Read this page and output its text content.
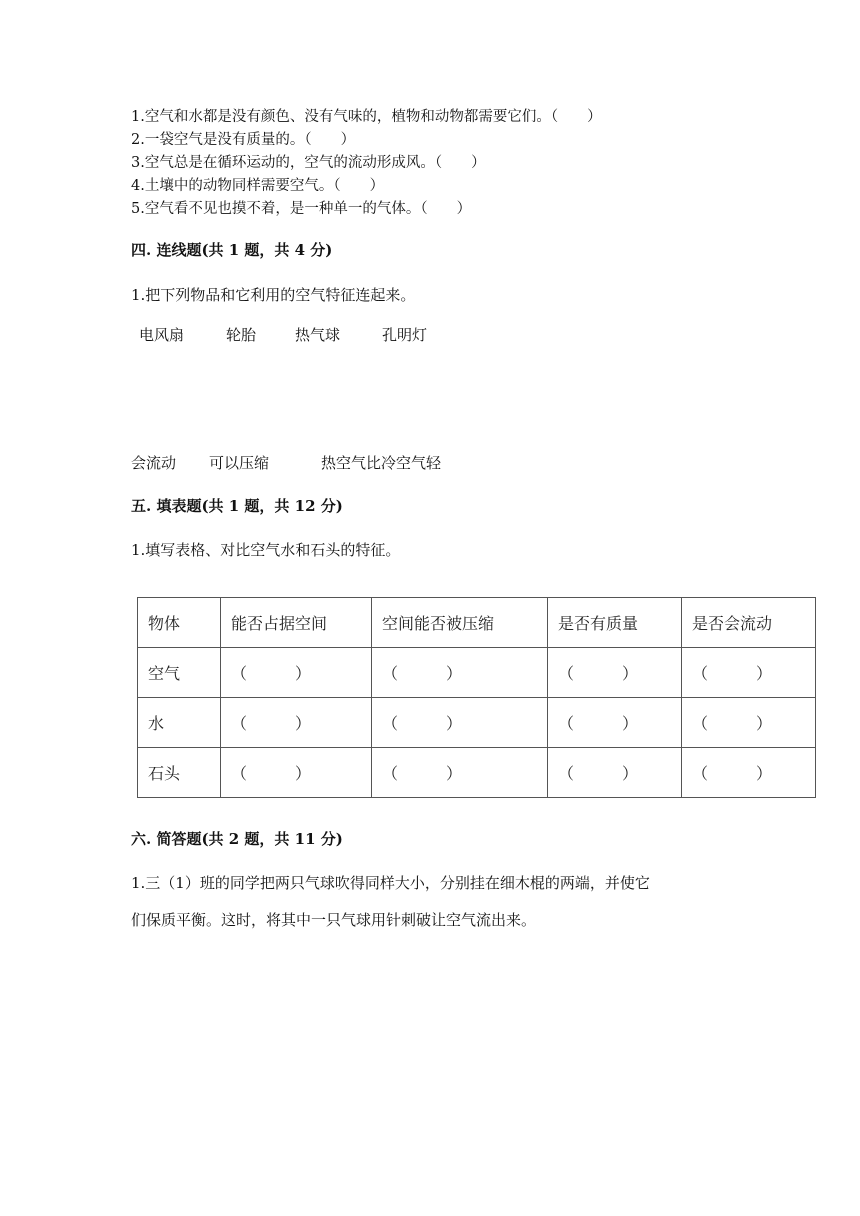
1.空气和水都是没有颜色、没有气味的，植物和动物都需要它们。（　　）
2.一袋空气是没有质量的。（　　）
3.空气总是在循环运动的，空气的流动形成风。（　　）
4.土壤中的动物同样需要空气。（　　）
5.空气看不见也摸不着，是一种单一的气体。（　　）
四. 连线题(共 1 题，共 4 分)
1.把下列物品和它利用的空气特征连起来。
电风扇	轮胎	热气球	孔明灯
会流动 可以压缩	热空气比冷空气轻
五. 填表题(共 1 题，共 12 分)
1.填写表格、对比空气水和石头的特征。
物体	能否占据空间	空间能否被压缩	是否有质量	是否会流动
空气	（　　　）	（　　　）	（　　　）	（　　　）
水	（　　　）	（　　　）	（　　　）	（　　　）
石头	（　　　）	（　　　）	（　　　）	（　　　）
六. 简答题(共 2 题，共 11 分)
1.三（1）班的同学把两只气球吹得同样大小，分别挂在细木棍的两端，并使它
们保质平衡。这时，将其中一只气球用针刺破让空气流出来。
